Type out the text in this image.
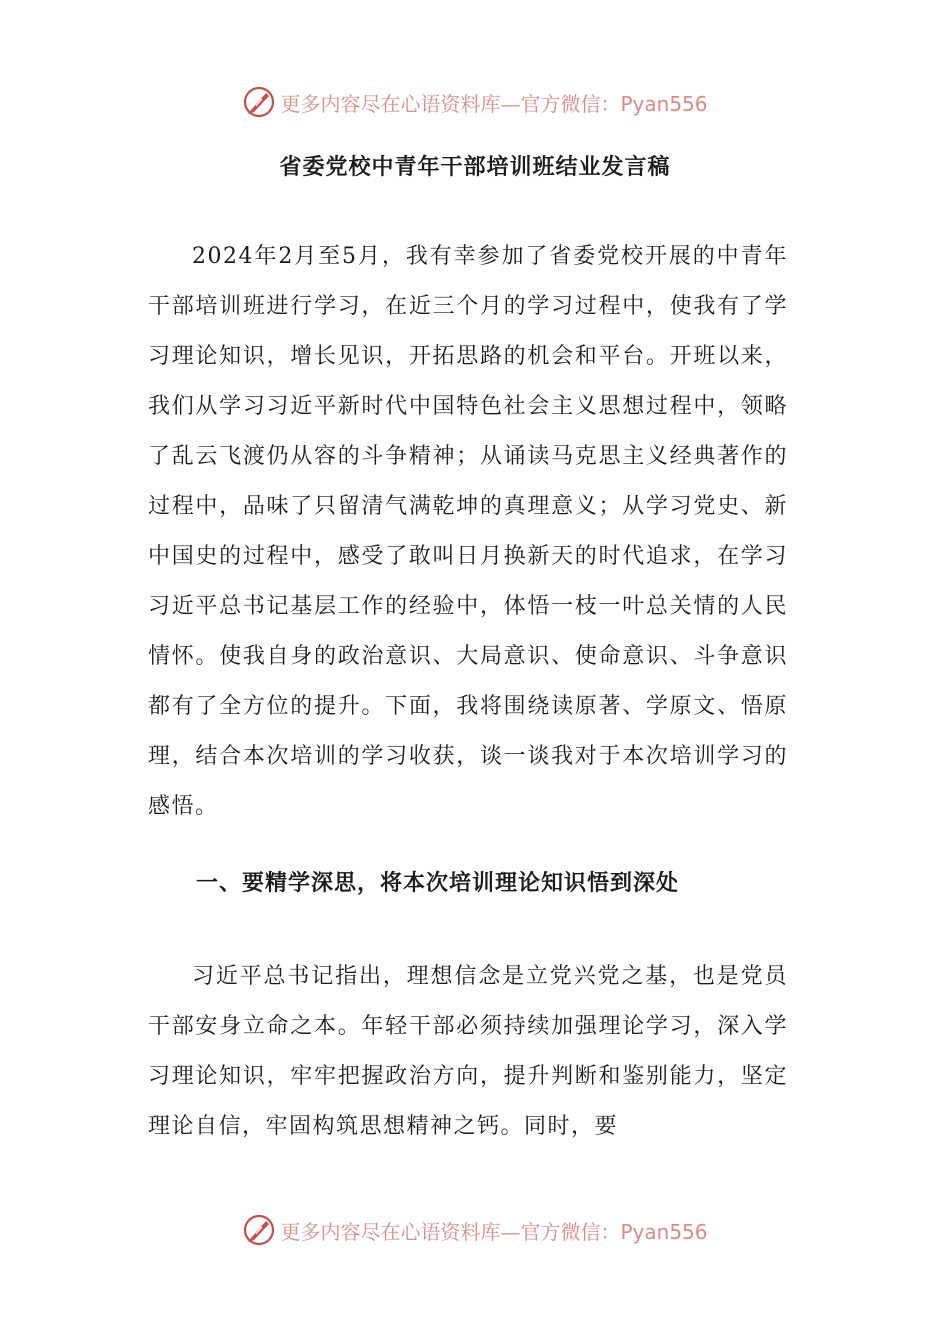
更多内容尽在心语资料库—官方微信：Pyan556
省委党校中青年干部培训班结业发言稿

2024年2月至5月，我有幸参加了省委党校开展的中青年干部培训班进行学习，在近三个月的学习过程中，使我有了学习理论知识，增长见识，开拓思路的机会和平台。开班以来，我们从学习习近平新时代中国特色社会主义思想过程中，领略了乱云飞渡仍从容的斗争精神；从诵读马克思主义经典著作的过程中，品味了只留清气满乾坤的真理意义；从学习党史、新中国史的过程中，感受了敢叫日月换新天的时代追求，在学习习近平总书记基层工作的经验中，体悟一枝一叶总关情的人民情怀。使我自身的政治意识、大局意识、使命意识、斗争意识都有了全方位的提升。下面，我将围绕读原著、学原文、悟原理，结合本次培训的学习收获，谈一谈我对于本次培训学习的感悟。

一、要精学深思，将本次培训理论知识悟到深处

习近平总书记指出，理想信念是立党兴党之基，也是党员干部安身立命之本。年轻干部必须持续加强理论学习，深入学习理论知识，牢牢把握政治方向，提升判断和鉴别能力，坚定理论自信，牢固构筑思想精神之钙。同时，要

更多内容尽在心语资料库—官方微信：Pyan556
